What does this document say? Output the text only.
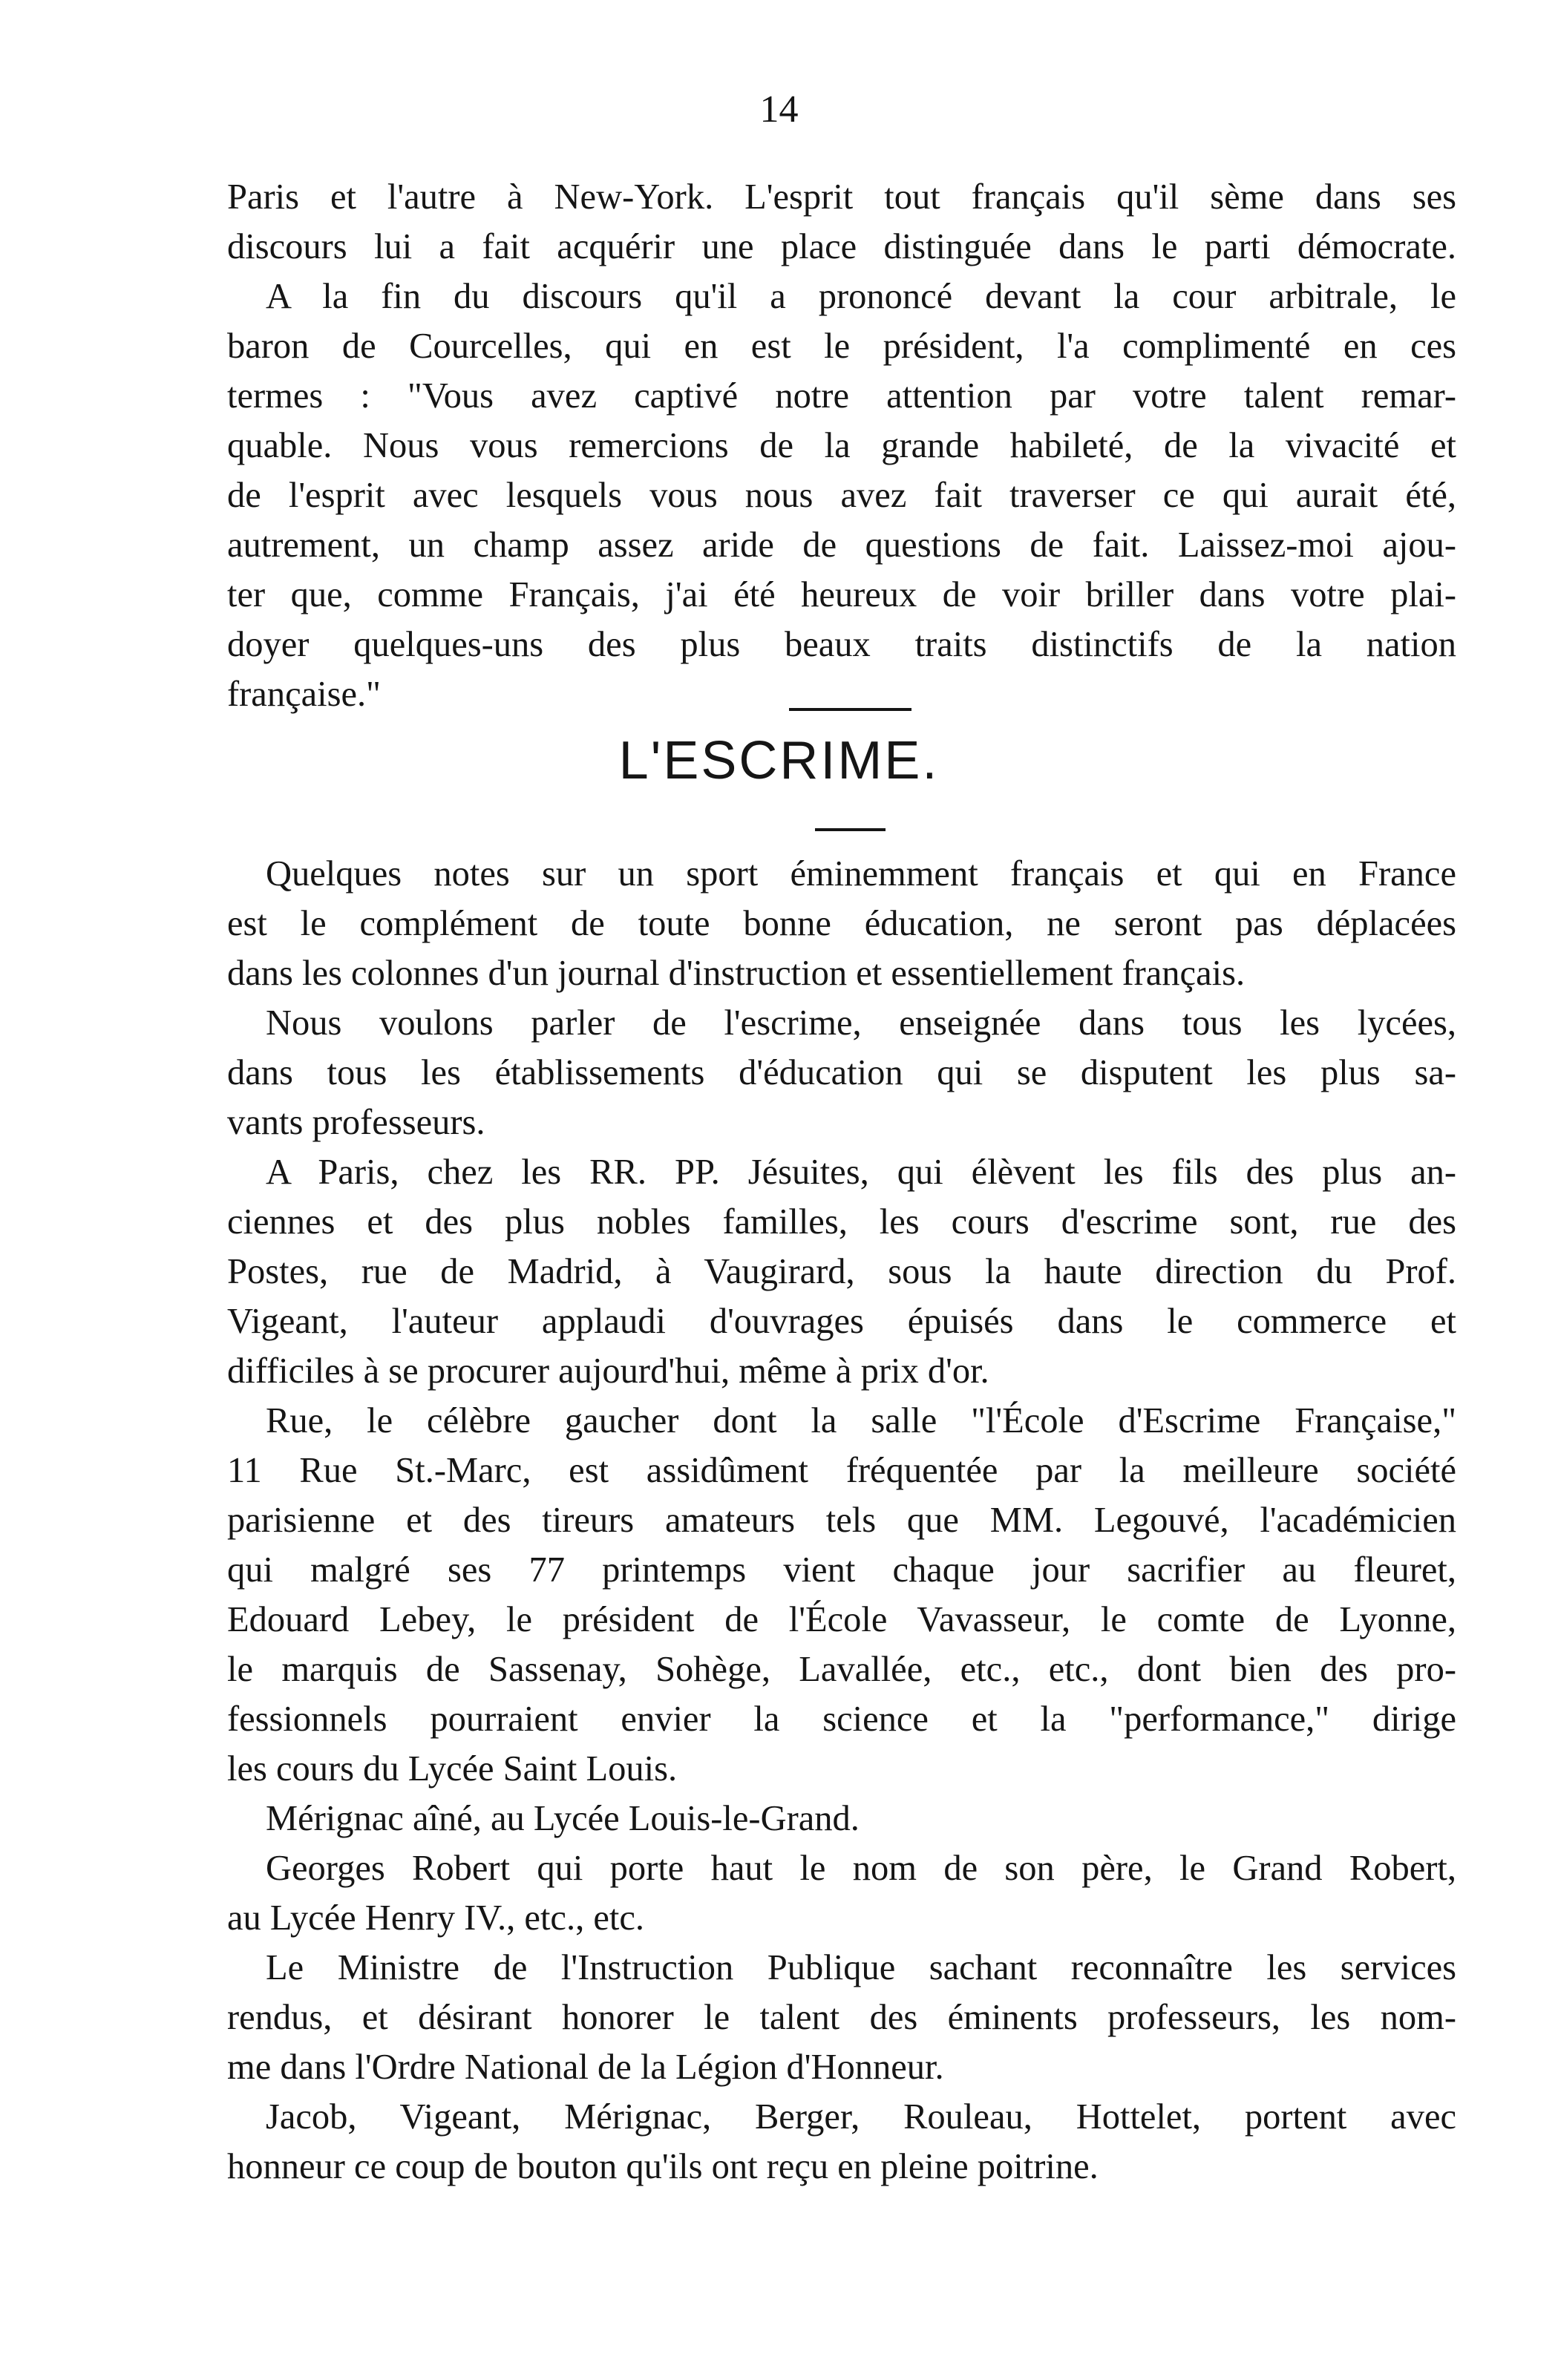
14

Paris et l'autre à New-York. L'esprit tout français qu'il sème dans ses
discours lui a fait acquérir une place distinguée dans le parti démocrate.

A la fin du discours qu'il a prononcé devant la cour arbitrale, le
baron de Courcelles, qui en est le président, l'a complimenté en ces
termes : "Vous avez captivé notre attention par votre talent remar-
quable. Nous vous remercions de la grande habileté, de la vivacité et
de l'esprit avec lesquels vous nous avez fait traverser ce qui aurait été,
autrement, un champ assez aride de questions de fait. Laissez-moi ajou-
ter que, comme Français, j'ai été heureux de voir briller dans votre plai-
doyer quelques-uns des plus beaux traits distinctifs de la nation
française."

L'ESCRIME.

Quelques notes sur un sport éminemment français et qui en France
est le complément de toute bonne éducation, ne seront pas déplacées
dans les colonnes d'un journal d'instruction et essentiellement français.

Nous voulons parler de l'escrime, enseignée dans tous les lycées,
dans tous les établissements d'éducation qui se disputent les plus sa-
vants professeurs.

A Paris, chez les RR. PP. Jésuites, qui élèvent les fils des plus an-
ciennes et des plus nobles familles, les cours d'escrime sont, rue des
Postes, rue de Madrid, à Vaugirard, sous la haute direction du Prof.
Vigeant, l'auteur applaudi d'ouvrages épuisés dans le commerce et
difficiles à se procurer aujourd'hui, même à prix d'or.

Rue, le célèbre gaucher dont la salle "l'École d'Escrime Française,"
11 Rue St.-Marc, est assidûment fréquentée par la meilleure société
parisienne et des tireurs amateurs tels que MM. Legouvé, l'académicien
qui malgré ses 77 printemps vient chaque jour sacrifier au fleuret,
Edouard Lebey, le président de l'École Vavasseur, le comte de Lyonne,
le marquis de Sassenay, Sohège, Lavallée, etc., etc., dont bien des pro-
fessionnels pourraient envier la science et la "performance," dirige
les cours du Lycée Saint Louis.

Mérignac aîné, au Lycée Louis-le-Grand.

Georges Robert qui porte haut le nom de son père, le Grand Robert,
au Lycée Henry IV., etc., etc.

Le Ministre de l'Instruction Publique sachant reconnaître les services
rendus, et désirant honorer le talent des éminents professeurs, les nom-
me dans l'Ordre National de la Légion d'Honneur.

Jacob, Vigeant, Mérignac, Berger, Rouleau, Hottelet, portent avec
honneur ce coup de bouton qu'ils ont reçu en pleine poitrine.
